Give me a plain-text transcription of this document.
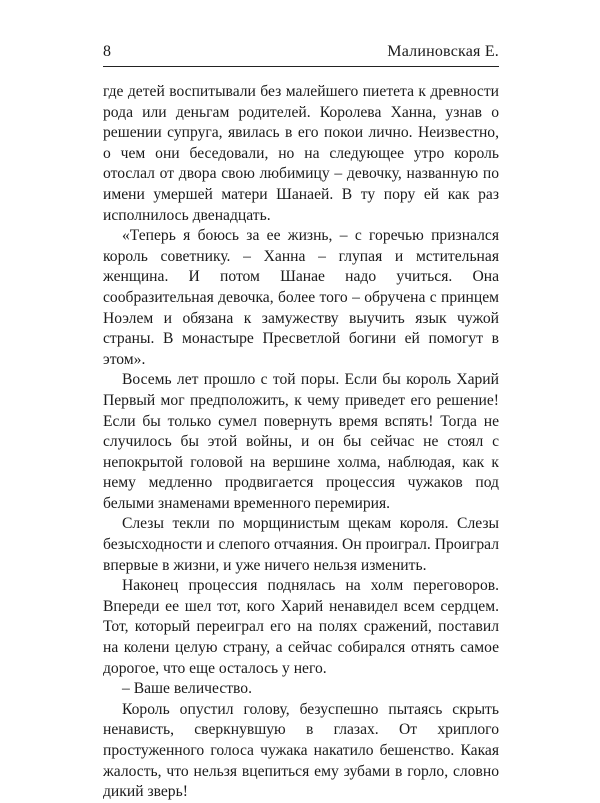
8	Малиновская Е.

где детей воспитывали без малейшего пиетета к древности рода или деньгам родителей. Королева Ханна, узнав о решении супруга, явилась в его покои лично. Неизвестно, о чем они беседовали, но на следующее утро король отослал от двора свою любимицу – девочку, названную по имени умершей матери Шанаей. В ту пору ей как раз исполнилось двенадцать.

«Теперь я боюсь за ее жизнь, – с горечью признался король советнику. – Ханна – глупая и мстительная женщина. И потом Шанае надо учиться. Она сообразительная девочка, более того – обручена с принцем Ноэлем и обязана к замужеству выучить язык чужой страны. В монастыре Пресветлой богини ей помогут в этом».

Восемь лет прошло с той поры. Если бы король Харий Первый мог предположить, к чему приведет его решение! Если бы только сумел повернуть время вспять! Тогда не случилось бы этой войны, и он бы сейчас не стоял с непокрытой головой на вершине холма, наблюдая, как к нему медленно продвигается процессия чужаков под белыми знаменами временного перемирия.

Слезы текли по морщинистым щекам короля. Слезы безысходности и слепого отчаяния. Он проиграл. Проиграл впервые в жизни, и уже ничего нельзя изменить.

Наконец процессия поднялась на холм переговоров. Впереди ее шел тот, кого Харий ненавидел всем сердцем. Тот, который переиграл его на полях сражений, поставил на колени целую страну, а сейчас собирался отнять самое дорогое, что еще осталось у него.

– Ваше величество.

Король опустил голову, безуспешно пытаясь скрыть ненависть, сверкнувшую в глазах. От хриплого простуженного голоса чужака накатило бешенство. Какая жалость, что нельзя вцепиться ему зубами в горло, словно дикий зверь!
